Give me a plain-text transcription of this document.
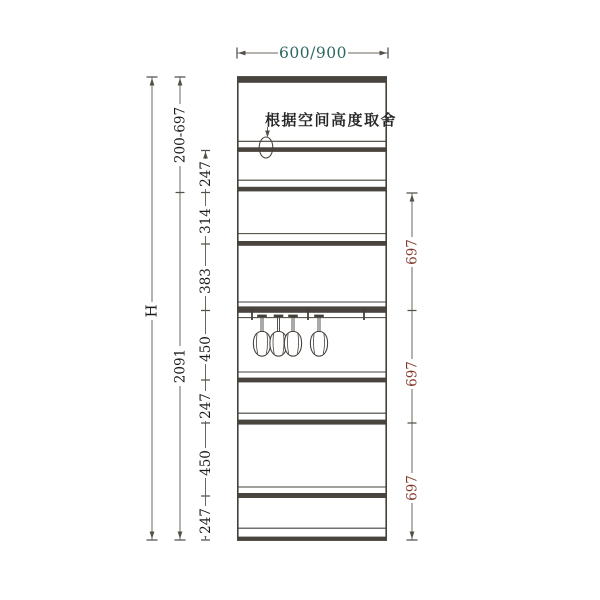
根据空间高度取舍
600/900
H
200-697
2091
247
314
383
450
247
450
247
697
697
697
